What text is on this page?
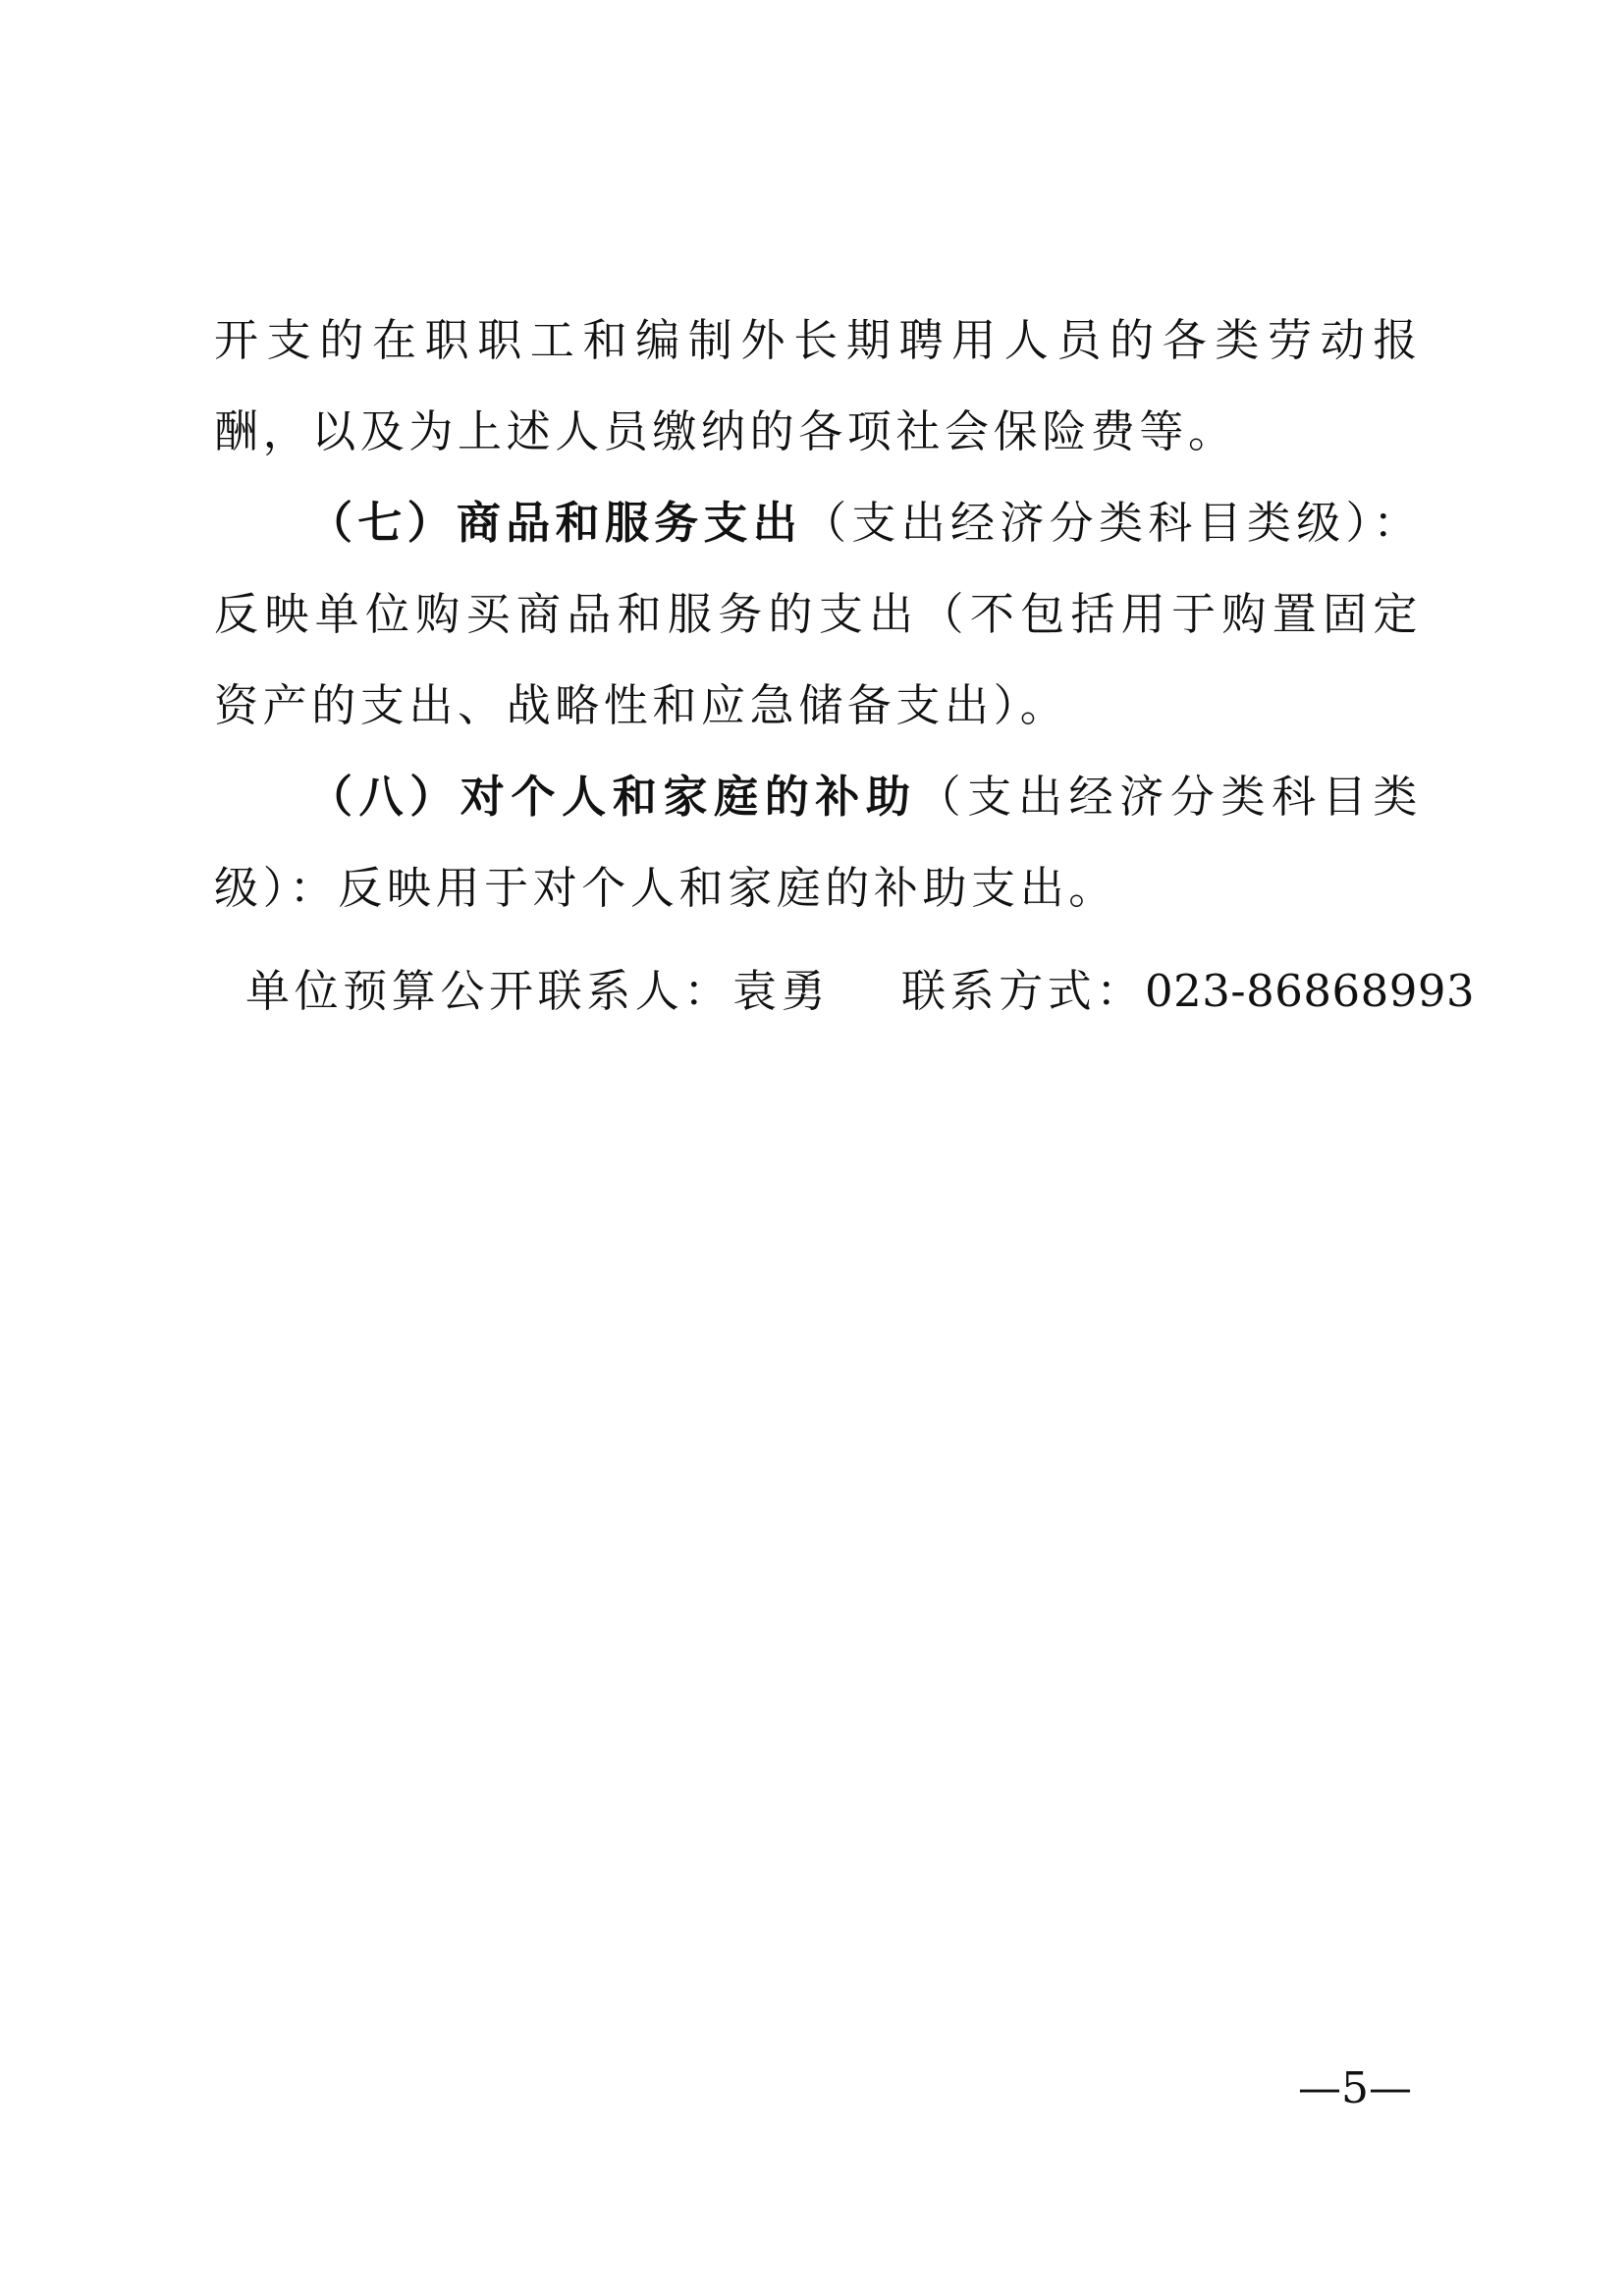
开支的在职职工和编制外长期聘用人员的各类劳动报酬，以及为上述人员缴纳的各项社会保险费等。

（七）商品和服务支出（支出经济分类科目类级）：反映单位购买商品和服务的支出（不包括用于购置固定资产的支出、战略性和应急储备支出）。

（八）对个人和家庭的补助（支出经济分类科目类级）：反映用于对个人和家庭的补助支出。

单位预算公开联系人：袁勇 联系方式：023-86868993
—5—
